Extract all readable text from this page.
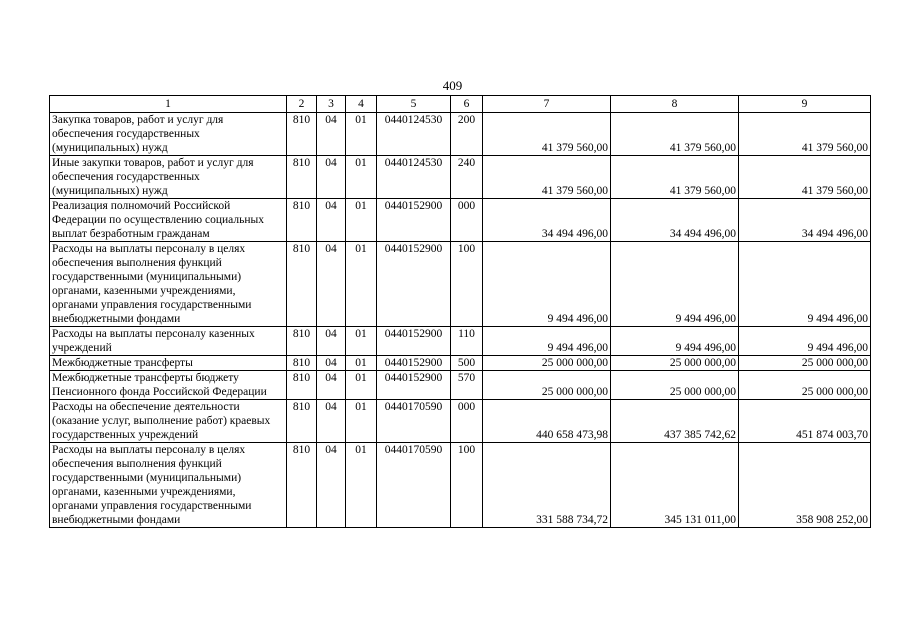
409
1	2	3	4	5	6	7	8	9
Закупка товаров, работ и услуг для обеспечения государственных (муниципальных) нужд	810	04	01	0440124530	200	41 379 560,00	41 379 560,00	41 379 560,00
Иные закупки товаров, работ и услуг для обеспечения государственных (муниципальных) нужд	810	04	01	0440124530	240	41 379 560,00	41 379 560,00	41 379 560,00
Реализация полномочий Российской Федерации по осуществлению социальных выплат безработным гражданам	810	04	01	0440152900	000	34 494 496,00	34 494 496,00	34 494 496,00
Расходы на выплаты персоналу в целях обеспечения выполнения функций государственными (муниципальными) органами, казенными учреждениями, органами управления государственными внебюджетными фондами	810	04	01	0440152900	100	9 494 496,00	9 494 496,00	9 494 496,00
Расходы на выплаты персоналу казенных учреждений	810	04	01	0440152900	110	9 494 496,00	9 494 496,00	9 494 496,00
Межбюджетные трансферты	810	04	01	0440152900	500	25 000 000,00	25 000 000,00	25 000 000,00
Межбюджетные трансферты бюджету Пенсионного фонда Российской Федерации	810	04	01	0440152900	570	25 000 000,00	25 000 000,00	25 000 000,00
Расходы на обеспечение деятельности (оказание услуг, выполнение работ) краевых государственных учреждений	810	04	01	0440170590	000	440 658 473,98	437 385 742,62	451 874 003,70
Расходы на выплаты персоналу в целях обеспечения выполнения функций государственными (муниципальными) органами, казенными учреждениями, органами управления государственными внебюджетными фондами	810	04	01	0440170590	100	331 588 734,72	345 131 011,00	358 908 252,00
